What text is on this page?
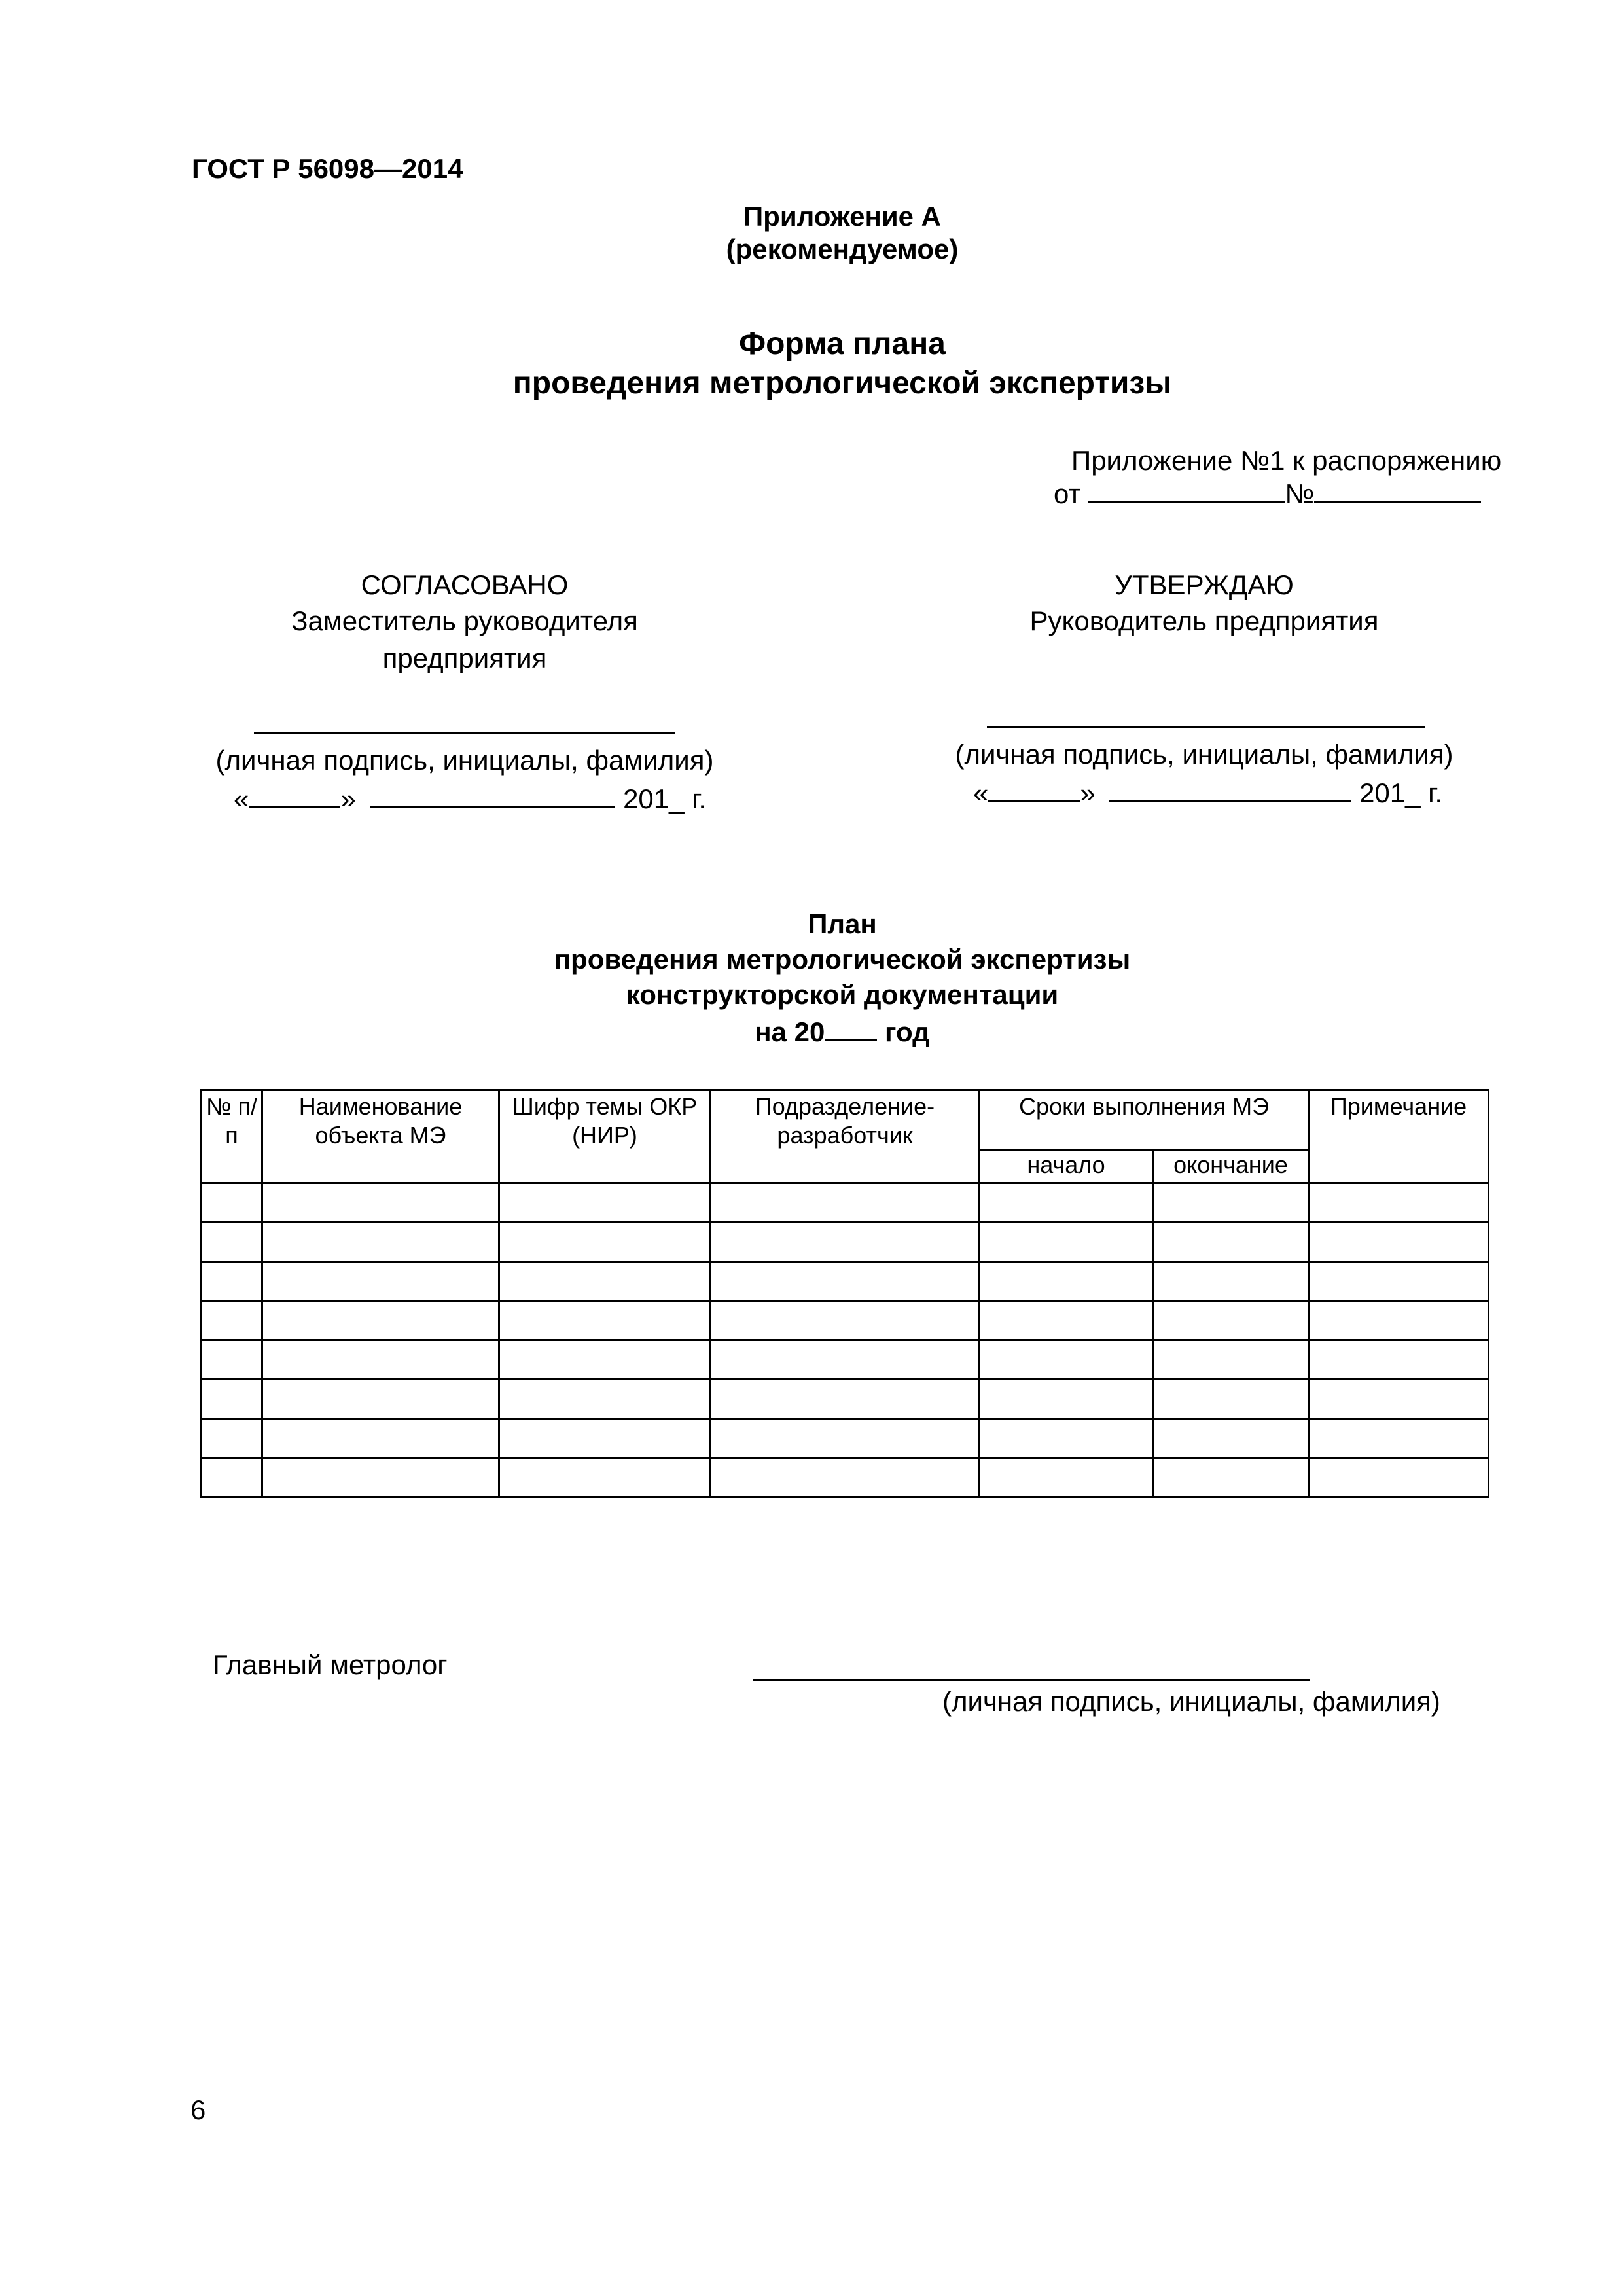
ГОСТ Р 56098—2014
Приложение А
(рекомендуемое)
Форма плана
проведения метрологической экспертизы
Приложение №1 к распоряжению
от	№
СОГЛАСОВАНО
Заместитель руководителя
предприятия
(личная подпись, инициалы, фамилия)
«	»	201_ г.
УТВЕРЖДАЮ
Руководитель предприятия
(личная подпись, инициалы, фамилия)
«	»	201_ г.
План
проведения метрологической экспертизы
конструкторской документации
на 20 год
№ п/ п	Наименование объекта МЭ	Шифр темы ОКР (НИР)	Подразделение- разработчик	Сроки выполнения МЭ		Примечание
				начало	окончание	

Главный метролог
(личная подпись, инициалы, фамилия)
6
